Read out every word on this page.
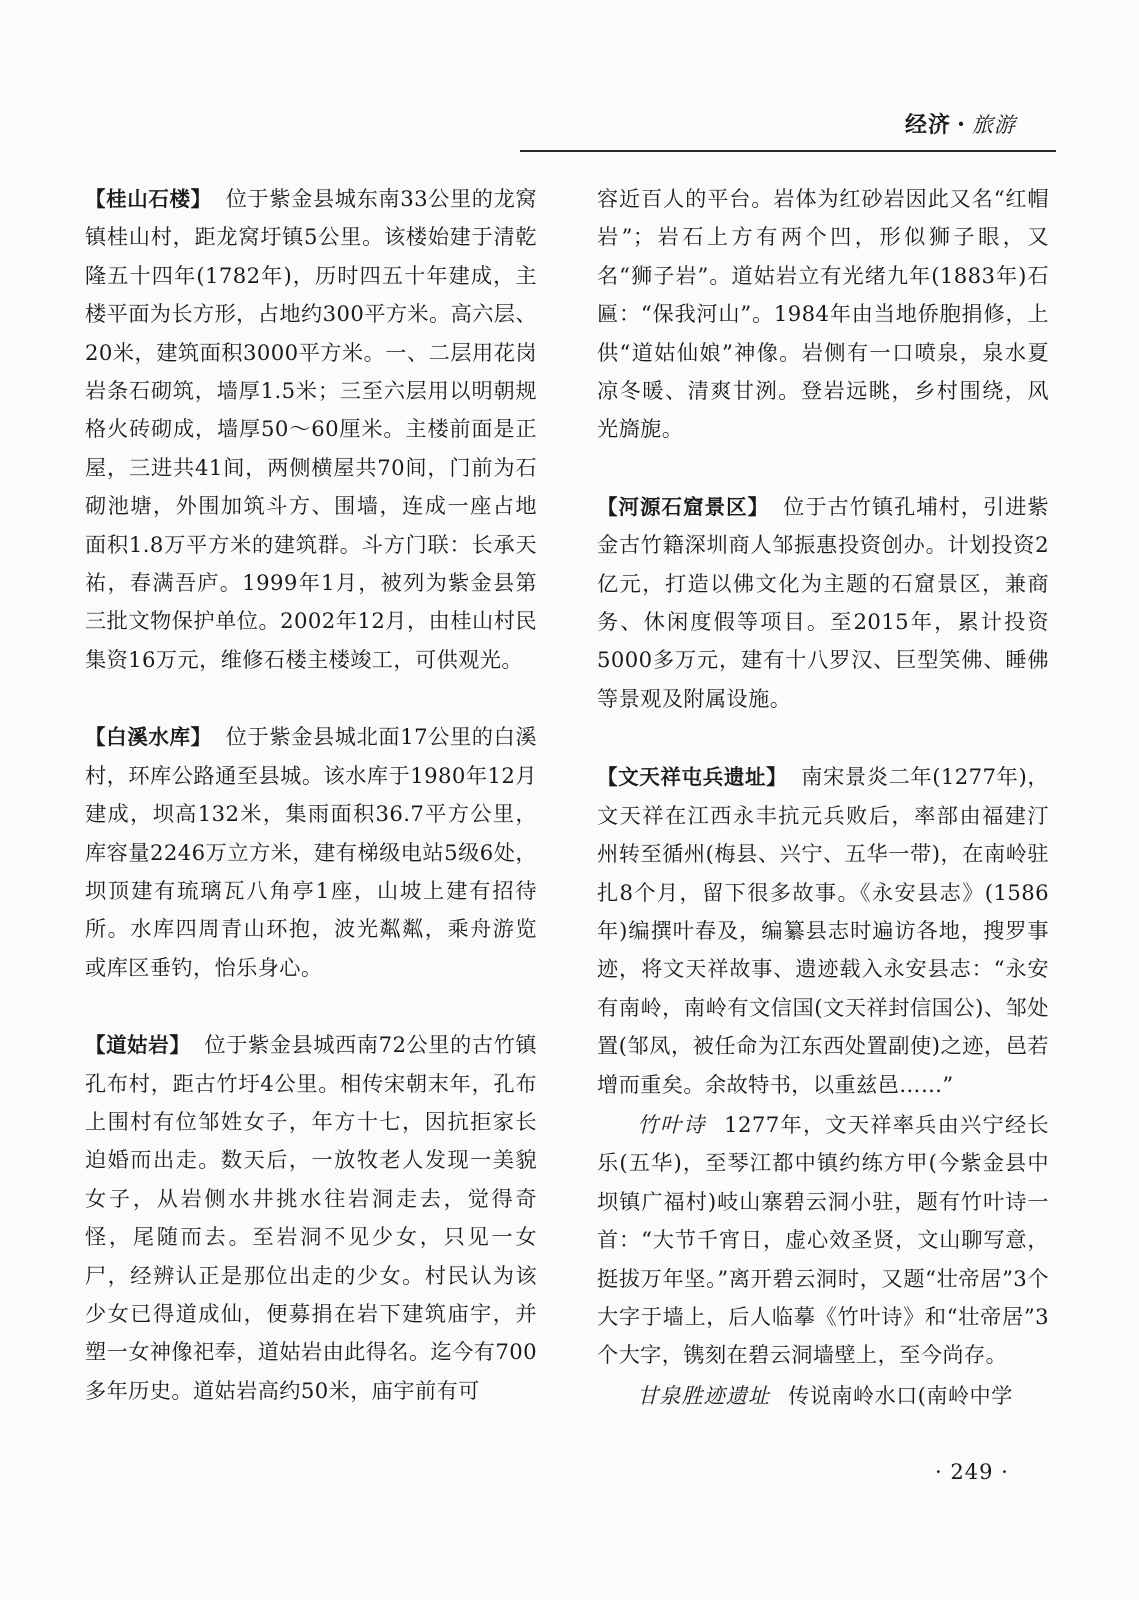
经济 · 旅游

【桂山石楼】 位于紫金县城东南33公里的龙窝镇桂山村，距龙窝圩镇5公里。该楼始建于清乾隆五十四年(1782年)，历时四五十年建成，主楼平面为长方形，占地约300平方米。高六层、20米，建筑面积3000平方米。一、二层用花岗岩条石砌筑，墙厚1.5米；三至六层用以明朝规格火砖砌成，墙厚50～60厘米。主楼前面是正屋，三进共41间，两侧横屋共70间，门前为石砌池塘，外围加筑斗方、围墙，连成一座占地面积1.8万平方米的建筑群。斗方门联：长承天祐，春满吾庐。1999年1月，被列为紫金县第三批文物保护单位。2002年12月，由桂山村民集资16万元，维修石楼主楼竣工，可供观光。

【白溪水库】 位于紫金县城北面17公里的白溪村，环库公路通至县城。该水库于1980年12月建成，坝高132米，集雨面积36.7平方公里，库容量2246万立方米，建有梯级电站5级6处，坝顶建有琉璃瓦八角亭1座，山坡上建有招待所。水库四周青山环抱，波光粼粼，乘舟游览或库区垂钓，怡乐身心。

【道姑岩】 位于紫金县城西南72公里的古竹镇孔布村，距古竹圩4公里。相传宋朝末年，孔布上围村有位邹姓女子，年方十七，因抗拒家长迫婚而出走。数天后，一放牧老人发现一美貌女子，从岩侧水井挑水往岩洞走去，觉得奇怪，尾随而去。至岩洞不见少女，只见一女尸，经辨认正是那位出走的少女。村民认为该少女已得道成仙，便募捐在岩下建筑庙宇，并塑一女神像祀奉，道姑岩由此得名。迄今有700多年历史。道姑岩高约50米，庙宇前有可

容近百人的平台。岩体为红砂岩因此又名“红帽岩”；岩石上方有两个凹，形似狮子眼，又名“狮子岩”。道姑岩立有光绪九年(1883年)石匾：“保我河山”。1984年由当地侨胞捐修，上供“道姑仙娘”神像。岩侧有一口喷泉，泉水夏凉冬暖、清爽甘洌。登岩远眺，乡村围绕，风光旖旎。

【河源石窟景区】 位于古竹镇孔埔村，引进紫金古竹籍深圳商人邹振惠投资创办。计划投资2亿元，打造以佛文化为主题的石窟景区，兼商务、休闲度假等项目。至2015年，累计投资5000多万元，建有十八罗汉、巨型笑佛、睡佛等景观及附属设施。

【文天祥屯兵遗址】 南宋景炎二年(1277年)，文天祥在江西永丰抗元兵败后，率部由福建汀州转至循州(梅县、兴宁、五华一带)，在南岭驻扎8个月，留下很多故事。《永安县志》(1586年)编撰叶春及，编纂县志时遍访各地，搜罗事迹，将文天祥故事、遗迹载入永安县志：“永安有南岭，南岭有文信国(文天祥封信国公)、邹处置(邹凤，被任命为江东西处置副使)之迹，邑若增而重矣。余故特书，以重兹邑……”

竹叶诗 1277年，文天祥率兵由兴宁经长乐(五华)，至琴江都中镇约练方甲(今紫金县中坝镇广福村)岐山寨碧云洞小驻，题有竹叶诗一首：“大节千宵日，虚心效圣贤，文山聊写意，挺拔万年坚。”离开碧云洞时，又题“壮帝居”3个大字于墙上，后人临摹《竹叶诗》和“壮帝居”3个大字，镌刻在碧云洞墙壁上，至今尚存。

甘泉胜迹遗址 传说南岭水口(南岭中学

· 249 ·
